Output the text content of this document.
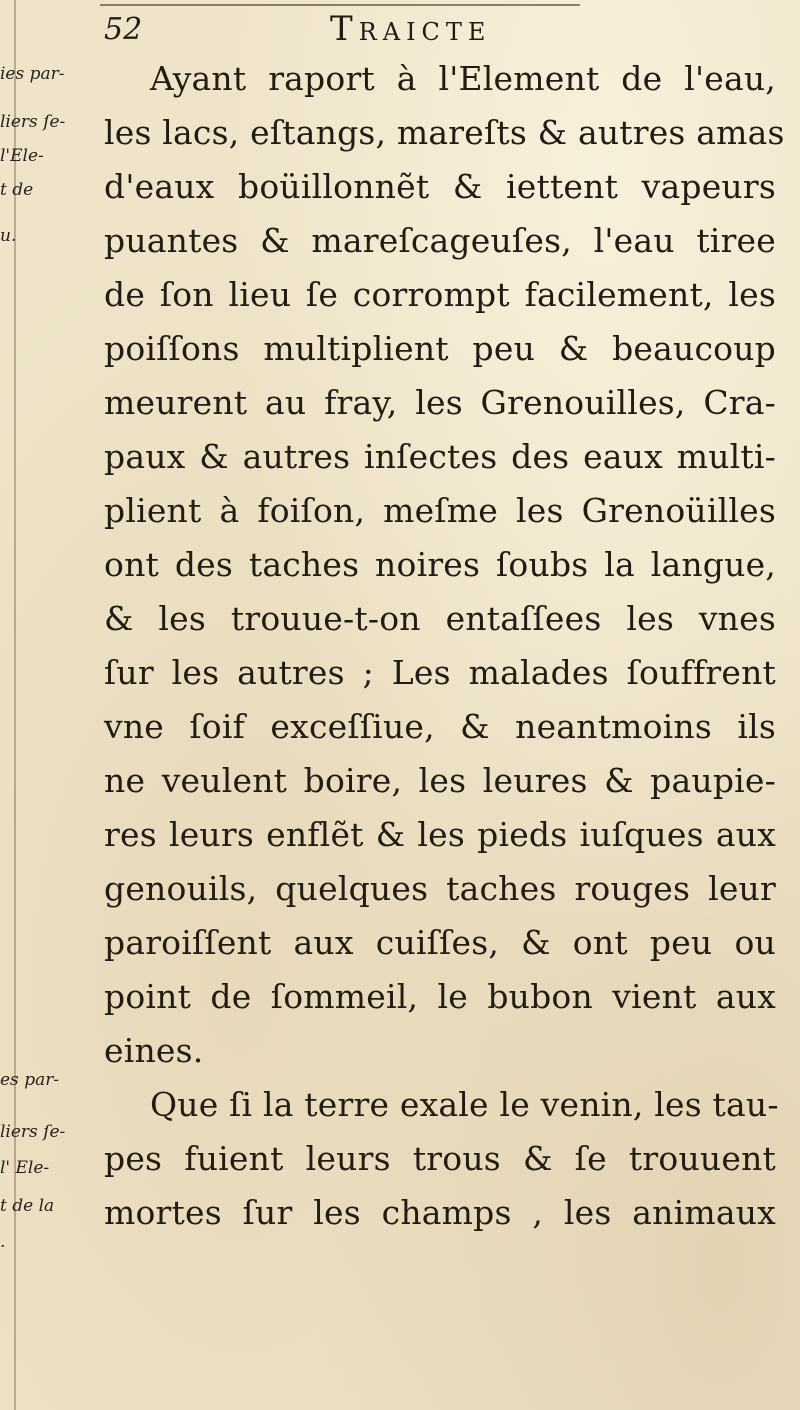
52	Traicte
ies par-
liers ſe-
l'Ele-
t de
u.
es par-
liers ſe-
l' Ele-
t de la
.
Ayant raport à l'Element de l'eau,
les lacs, eſtangs, mareſts & autres amas
d'eaux boüillonnẽt & iettent vapeurs
puantes & mareſcageuſes, l'eau tiree
de ſon lieu ſe corrompt facilement, les
poiſſons multiplient peu & beaucoup
meurent au fray, les Grenouilles, Cra-
paux & autres inſectes des eaux multi-
plient à foiſon, meſme les Grenoüilles
ont des taches noires ſoubs la langue,
& les trouue-t-on entaſſees les vnes
ſur les autres ; Les malades ſouffrent
vne ſoif exceſſiue, & neantmoins ils
ne veulent boire, les leures & paupie-
res leurs enflẽt & les pieds iuſques aux
genouils, quelques taches rouges leur
paroiſſent aux cuiſſes, & ont peu ou
point de ſommeil, le bubon vient aux
eines.
Que ſi la terre exale le venin, les tau-
pes fuient leurs trous & ſe trouuent
mortes ſur les champs , les animaux
